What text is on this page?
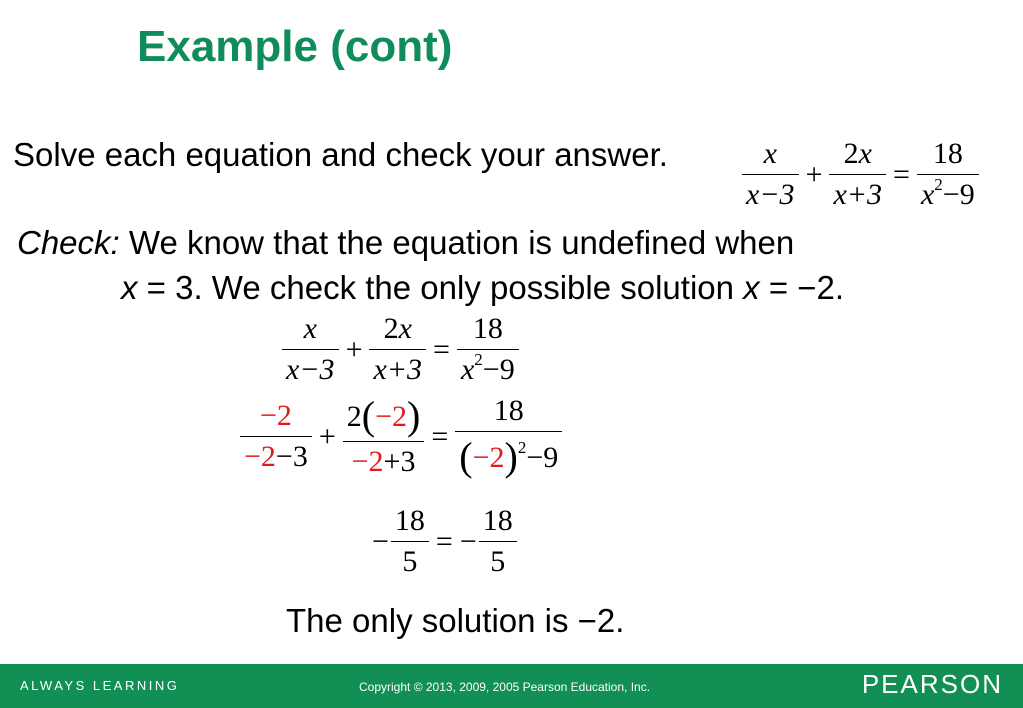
Example (cont)
Solve each equation and check your answer. $\frac{x}{x-3} + \frac{2x}{x+3} = \frac{18}{x^2-9}$
Check: We know that the equation is undefined when
x = 3. We check the only possible solution x = −2.
$\frac{x}{x-3} + \frac{2x}{x+3} = \frac{18}{x^2-9}$
$\frac{-2}{-2-3} + \frac{2(-2)}{-2+3} = \frac{18}{(-2)^2-9}$
− $\frac{18}{5}$ = − $\frac{18}{5}$
The only solution is −2.
ALWAYS LEARNING	Copyright © 2013, 2009, 2005 Pearson Education, Inc.	PEARSON
